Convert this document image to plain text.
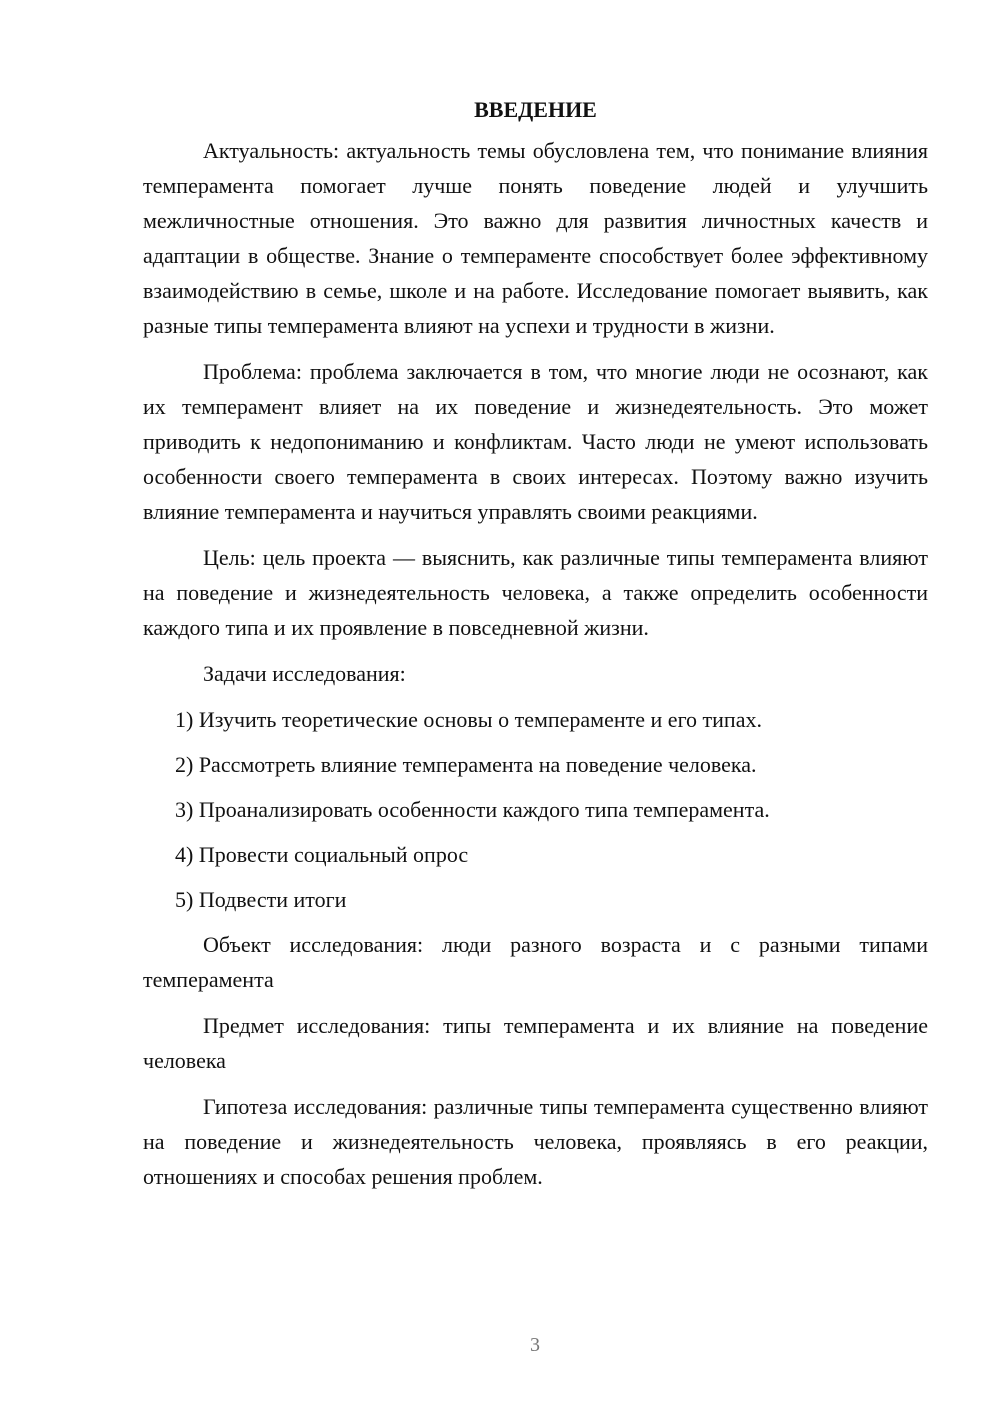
ВВЕДЕНИЕ

Актуальность: актуальность темы обусловлена тем, что понимание влияния темперамента помогает лучше понять поведение людей и улучшить межличностные отношения. Это важно для развития личностных качеств и адаптации в обществе. Знание о темпераменте способствует более эффективному взаимодействию в семье, школе и на работе. Исследование помогает выявить, как разные типы темперамента влияют на успехи и трудности в жизни.

Проблема: проблема заключается в том, что многие люди не осознают, как их темперамент влияет на их поведение и жизнедеятельность. Это может приводить к недопониманию и конфликтам. Часто люди не умеют использовать особенности своего темперамента в своих интересах. Поэтому важно изучить влияние темперамента и научиться управлять своими реакциями.

Цель: цель проекта — выяснить, как различные типы темперамента влияют на поведение и жизнедеятельность человека, а также определить особенности каждого типа и их проявление в повседневной жизни.

Задачи исследования:

1) Изучить теоретические основы о темпераменте и его типах.
2) Рассмотреть влияние темперамента на поведение человека.
3) Проанализировать особенности каждого типа темперамента.
4) Провести социальный опрос
5) Подвести итоги

Объект исследования: люди разного возраста и с разными типами темперамента

Предмет исследования: типы темперамента и их влияние на поведение человека

Гипотеза исследования: различные типы темперамента существенно влияют на поведение и жизнедеятельность человека, проявляясь в его реакции, отношениях и способах решения проблем.

3
